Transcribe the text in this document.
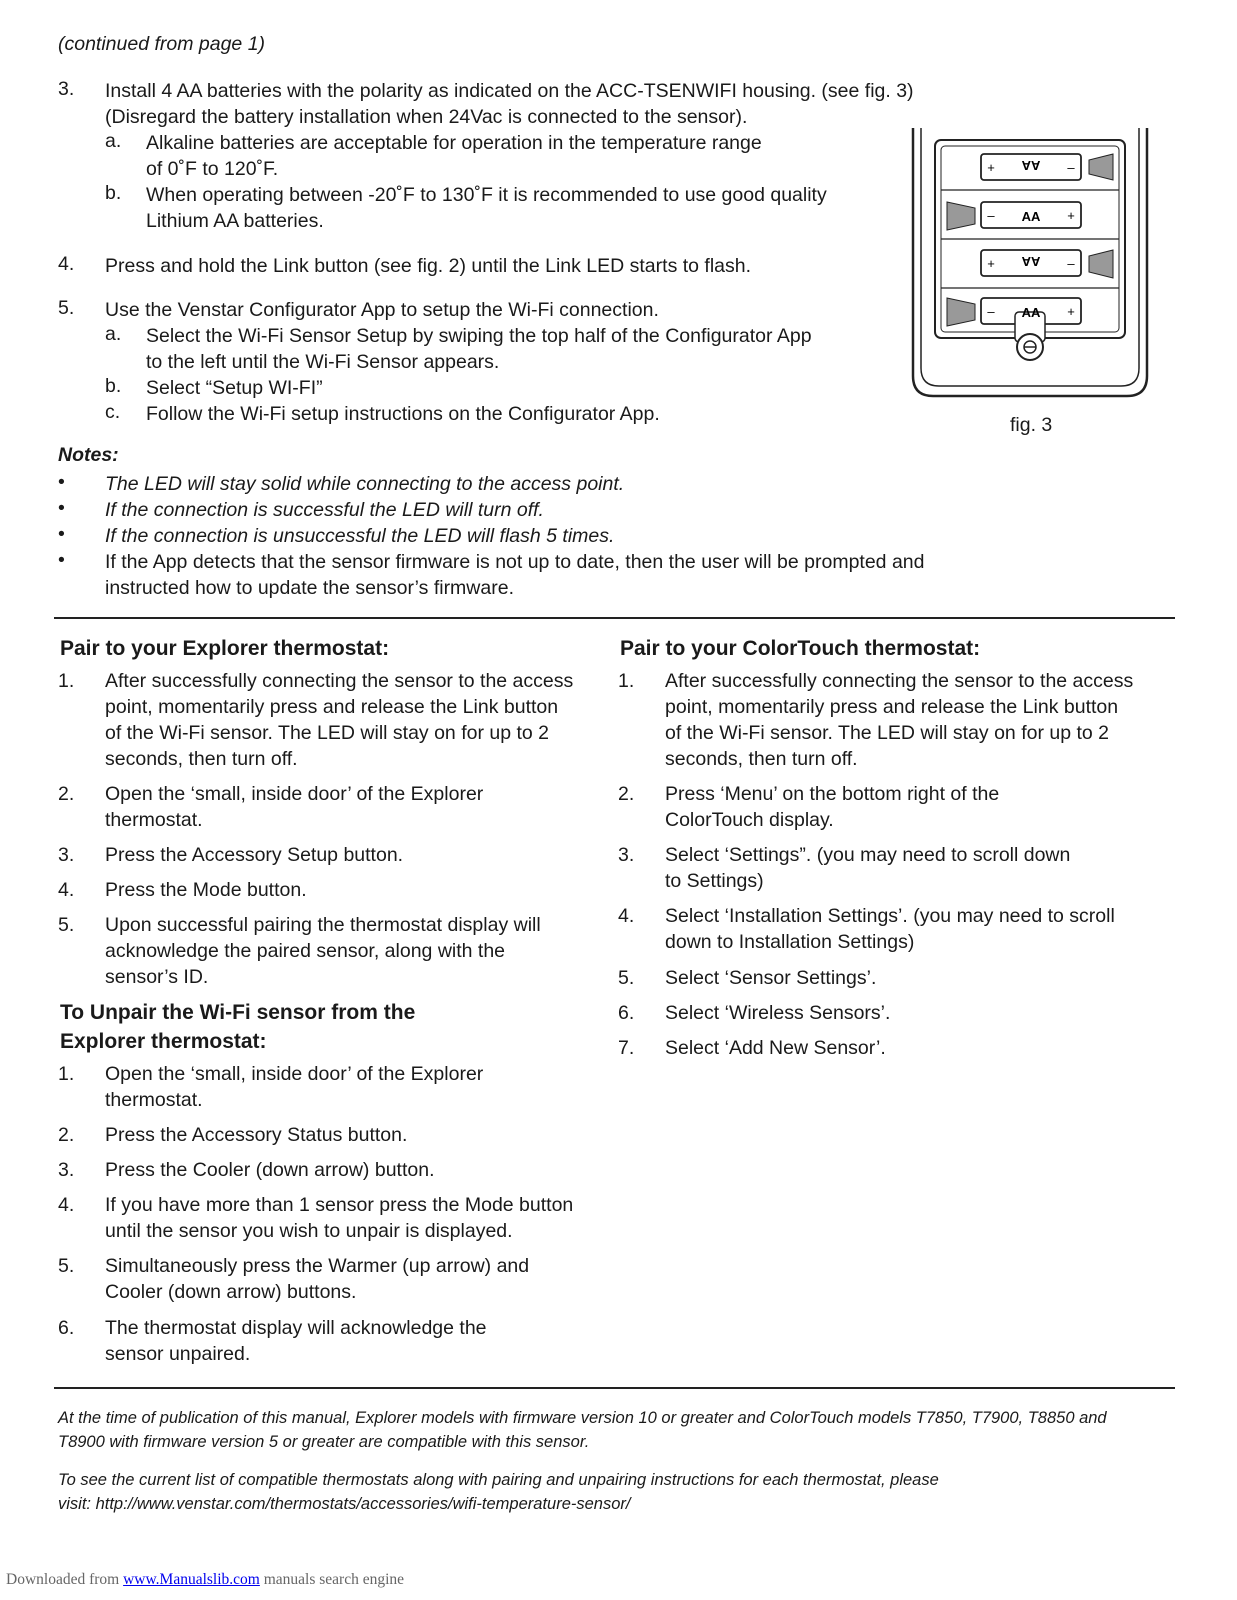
(continued from page 1)
3. Install 4 AA batteries with the polarity as indicated on the ACC-TSENWIFI housing. (see fig. 3)
(Disregard the battery installation when 24Vac is connected to the sensor).
a. Alkaline batteries are acceptable for operation in the temperature range
of 0˚F to 120˚F.
b. When operating between -20˚F to 130˚F it is recommended to use good quality
Lithium AA batteries.
4. Press and hold the Link button (see fig. 2) until the Link LED starts to flash.
5. Use the Venstar Configurator App to setup the Wi-Fi connection.
a. Select the Wi-Fi Sensor Setup by swiping the top half of the Configurator App
to the left until the Wi-Fi Sensor appears.
b. Select “Setup WI-FI”
c. Follow the Wi-Fi setup instructions on the Configurator App.
AA
AA
AA
AA
+	–
–	+
+	–
–	+
fig. 3
Notes:
• The LED will stay solid while connecting to the access point.
• If the connection is successful the LED will turn off.
• If the connection is unsuccessful the LED will flash 5 times.
• If the App detects that the sensor firmware is not up to date, then the user will be prompted and
instructed how to update the sensor’s firmware.
Pair to your Explorer thermostat:
1. After successfully connecting the sensor to the access
point, momentarily press and release the Link button
of the Wi-Fi sensor. The LED will stay on for up to 2
seconds, then turn off.
2. Open the ‘small, inside door’ of the Explorer
thermostat.
3. Press the Accessory Setup button.
4. Press the Mode button.
5. Upon successful pairing the thermostat display will
acknowledge the paired sensor, along with the
sensor’s ID.
To Unpair the Wi-Fi sensor from the
Explorer thermostat:
1. Open the ‘small, inside door’ of the Explorer
thermostat.
2. Press the Accessory Status button.
3. Press the Cooler (down arrow) button.
4. If you have more than 1 sensor press the Mode button
until the sensor you wish to unpair is displayed.
5. Simultaneously press the Warmer (up arrow) and
Cooler (down arrow) buttons.
6. The thermostat display will acknowledge the
sensor unpaired.
Pair to your ColorTouch thermostat:
1. After successfully connecting the sensor to the access
point, momentarily press and release the Link button
of the Wi-Fi sensor. The LED will stay on for up to 2
seconds, then turn off.
2. Press ‘Menu’ on the bottom right of the
ColorTouch display.
3. Select ‘Settings”. (you may need to scroll down
to Settings)
4. Select ‘Installation Settings’. (you may need to scroll
down to Installation Settings)
5. Select ‘Sensor Settings’.
6. Select ‘Wireless Sensors’.
7. Select ‘Add New Sensor’.
At the time of publication of this manual, Explorer models with firmware version 10 or greater and ColorTouch models T7850, T7900, T8850 and
T8900 with firmware version 5 or greater are compatible with this sensor.
To see the current list of compatible thermostats along with pairing and unpairing instructions for each thermostat, please
visit: http://www.venstar.com/thermostats/accessories/wifi-temperature-sensor/
Downloaded from www.Manualslib.com manuals search engine
